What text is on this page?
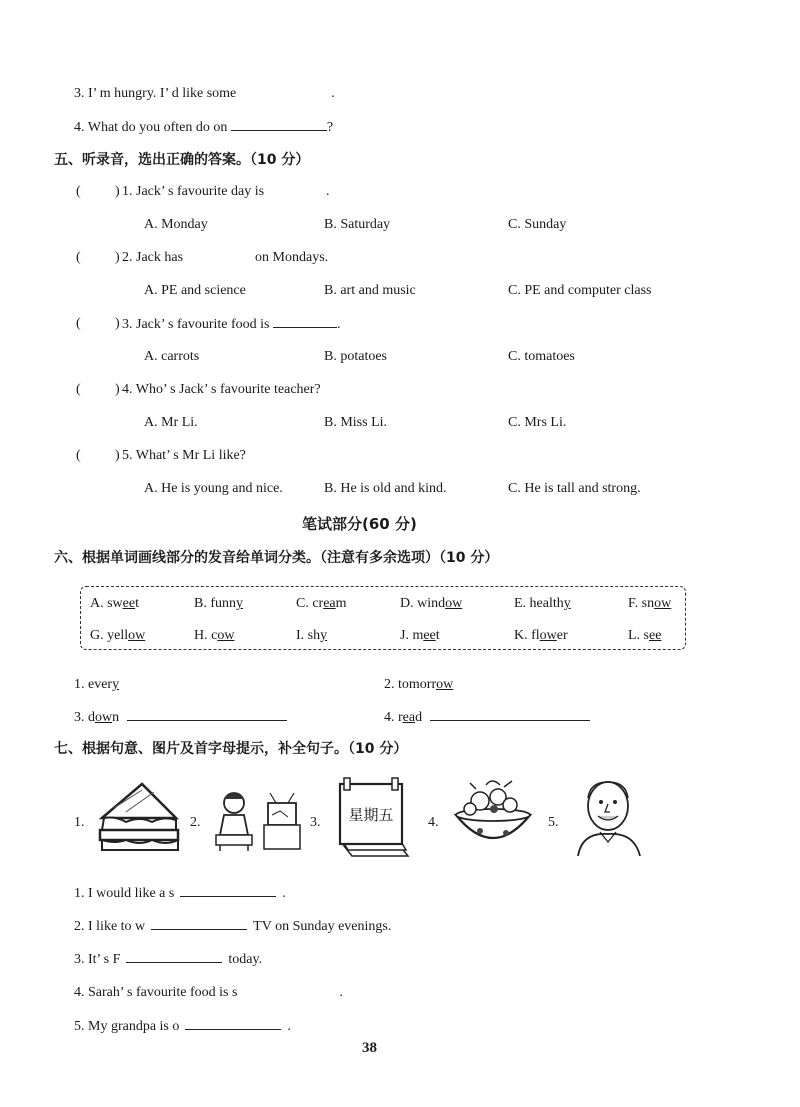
3. I’ m hungry. I’ d like some	.
4. What do you often do on	?
五、听录音，选出正确的答案。（10 分）
( ) 1. Jack’ s favourite day is	.
A. Monday	B. Saturday	C. Sunday
( ) 2. Jack has	on Mondays.
A. PE and science	B. art and music	C. PE and computer class
( ) 3. Jack’ s favourite food is	.
A. carrots	B. potatoes	C. tomatoes
( ) 4. Who’ s Jack’ s favourite teacher?
A. Mr Li.	B. Miss Li.	C. Mrs Li.
( ) 5. What’ s Mr Li like?
A. He is young and nice.	B. He is old and kind.	C. He is tall and strong.
笔试部分(60 分)
六、根据单词画线部分的发音给单词分类。（注意有多余选项）（10 分）
A. sweet	B. funny	C. cream	D. window	E. healthy	F. snow
G. yellow	H. cow	I. shy	J. meet	K. flower	L. see
1. every	2. tomorrow
3. down	4. read
七、根据句意、图片及首字母提示，补全句子。（10 分）
1.	2.	3. 星期五 4.	5.
1. I would like a s	.
2. I like to w	TV on Sunday evenings.
3. It’ s F	today.
4. Sarah’ s favourite food is s	.
5. My grandpa is o	.
38
